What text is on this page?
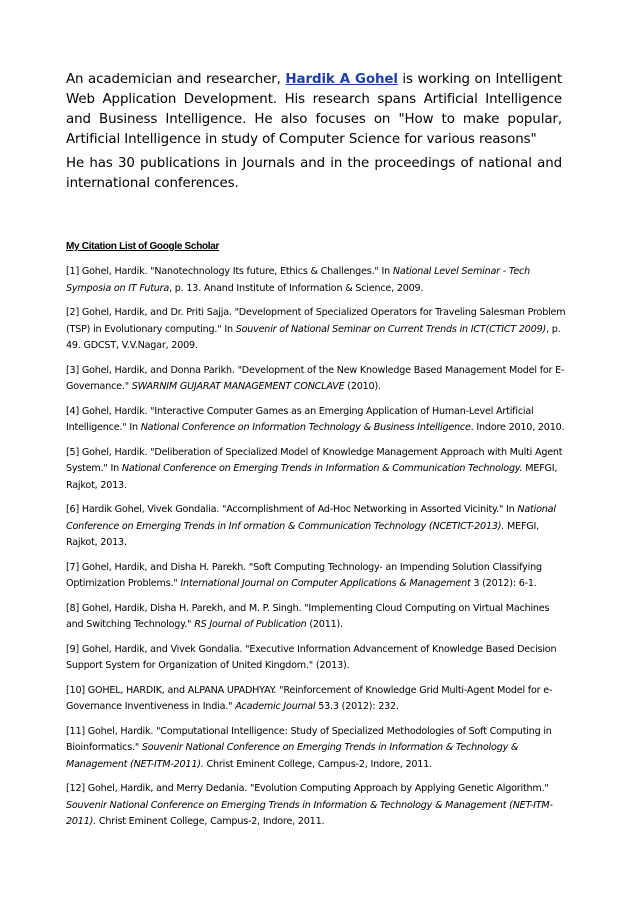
An academician and researcher, Hardik A Gohel is working on Intelligent Web Application Development. His research spans Artificial Intelligence and Business Intelligence. He also focuses on "How to make popular, Artificial Intelligence in study of Computer Science for various reasons"

He has 30 publications in Journals and in the proceedings of national and international conferences.

My Citation List of Google Scholar

[1] Gohel, Hardik. "Nanotechnology Its future, Ethics & Challenges." In National Level Seminar - Tech Symposia on IT Futura, p. 13. Anand Institute of Information & Science, 2009.

[2] Gohel, Hardik, and Dr. Priti Sajja. "Development of Specialized Operators for Traveling Salesman Problem (TSP) in Evolutionary computing." In Souvenir of National Seminar on Current Trends in ICT(CTICT 2009), p. 49. GDCST, V.V.Nagar, 2009.

[3] Gohel, Hardik, and Donna Parikh. "Development of the New Knowledge Based Management Model for E-Governance." SWARNIM GUJARAT MANAGEMENT CONCLAVE (2010).

[4] Gohel, Hardik. "Interactive Computer Games as an Emerging Application of Human-Level Artificial Intelligence." In National Conference on Information Technology & Business Intelligence. Indore 2010, 2010.

[5] Gohel, Hardik. "Deliberation of Specialized Model of Knowledge Management Approach with Multi Agent System." In National Conference on Emerging Trends in Information & Communication Technology. MEFGI, Rajkot, 2013.

[6] Hardik Gohel, Vivek Gondalia. "Accomplishment of Ad-Hoc Networking in Assorted Vicinity." In National Conference on Emerging Trends in Inf ormation & Communication Technology (NCETICT-2013). MEFGI, Rajkot, 2013.

[7] Gohel, Hardik, and Disha H. Parekh. "Soft Computing Technology- an Impending Solution Classifying Optimization Problems." International Journal on Computer Applications & Management 3 (2012): 6-1.

[8] Gohel, Hardik, Disha H. Parekh, and M. P. Singh. "Implementing Cloud Computing on Virtual Machines and Switching Technology." RS Journal of Publication (2011).

[9] Gohel, Hardik, and Vivek Gondalia. "Executive Information Advancement of Knowledge Based Decision Support System for Organization of United Kingdom." (2013).

[10] GOHEL, HARDIK, and ALPANA UPADHYAY. "Reinforcement of Knowledge Grid Multi-Agent Model for e-Governance Inventiveness in India." Academic Journal 53.3 (2012): 232.

[11] Gohel, Hardik. "Computational Intelligence: Study of Specialized Methodologies of Soft Computing in Bioinformatics." Souvenir National Conference on Emerging Trends in Information & Technology & Management (NET-ITM-2011). Christ Eminent College, Campus-2, Indore, 2011.

[12] Gohel, Hardik, and Merry Dedania. "Evolution Computing Approach by Applying Genetic Algorithm." Souvenir National Conference on Emerging Trends in Information & Technology & Management (NET-ITM-2011). Christ Eminent College, Campus-2, Indore, 2011.
